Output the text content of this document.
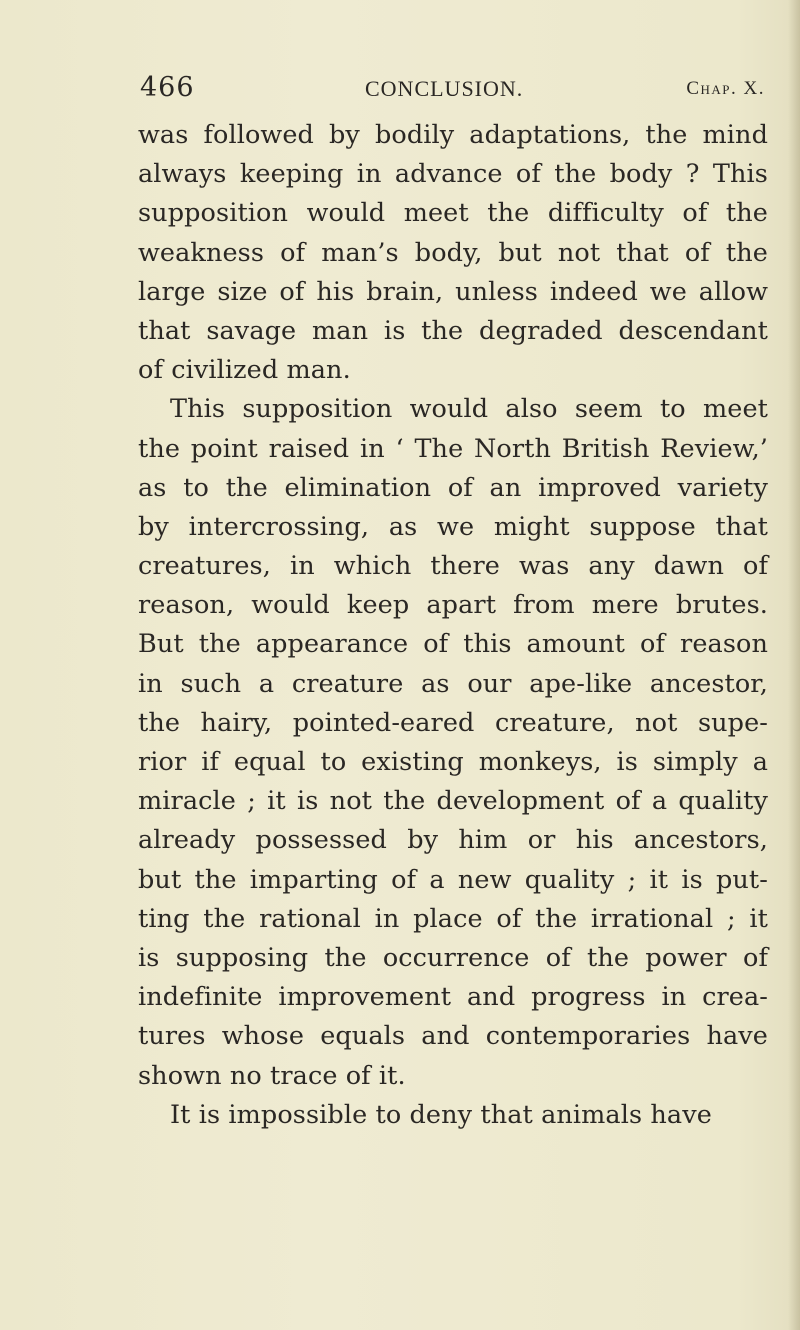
466	CONCLUSION.	Chap. X.
was followed by bodily adaptations, the mind
always keeping in advance of the body ? This
supposition would meet the difficulty of the
weakness of man’s body, but not that of the
large size of his brain, unless indeed we allow
that savage man is the degraded descendant
of civilized man.
This supposition would also seem to meet
the point raised in ‘ The North British Review,’
as to the elimination of an improved variety
by intercrossing, as we might suppose that
creatures, in which there was any dawn of
reason, would keep apart from mere brutes.
But the appearance of this amount of reason
in such a creature as our ape-like ancestor,
the hairy, pointed-eared creature, not supe-
rior if equal to existing monkeys, is simply a
miracle ; it is not the development of a quality
already possessed by him or his ancestors,
but the imparting of a new quality ; it is put-
ting the rational in place of the irrational ; it
is supposing the occurrence of the power of
indefinite improvement and progress in crea-
tures whose equals and contemporaries have
shown no trace of it.
It is impossible to deny that animals have
